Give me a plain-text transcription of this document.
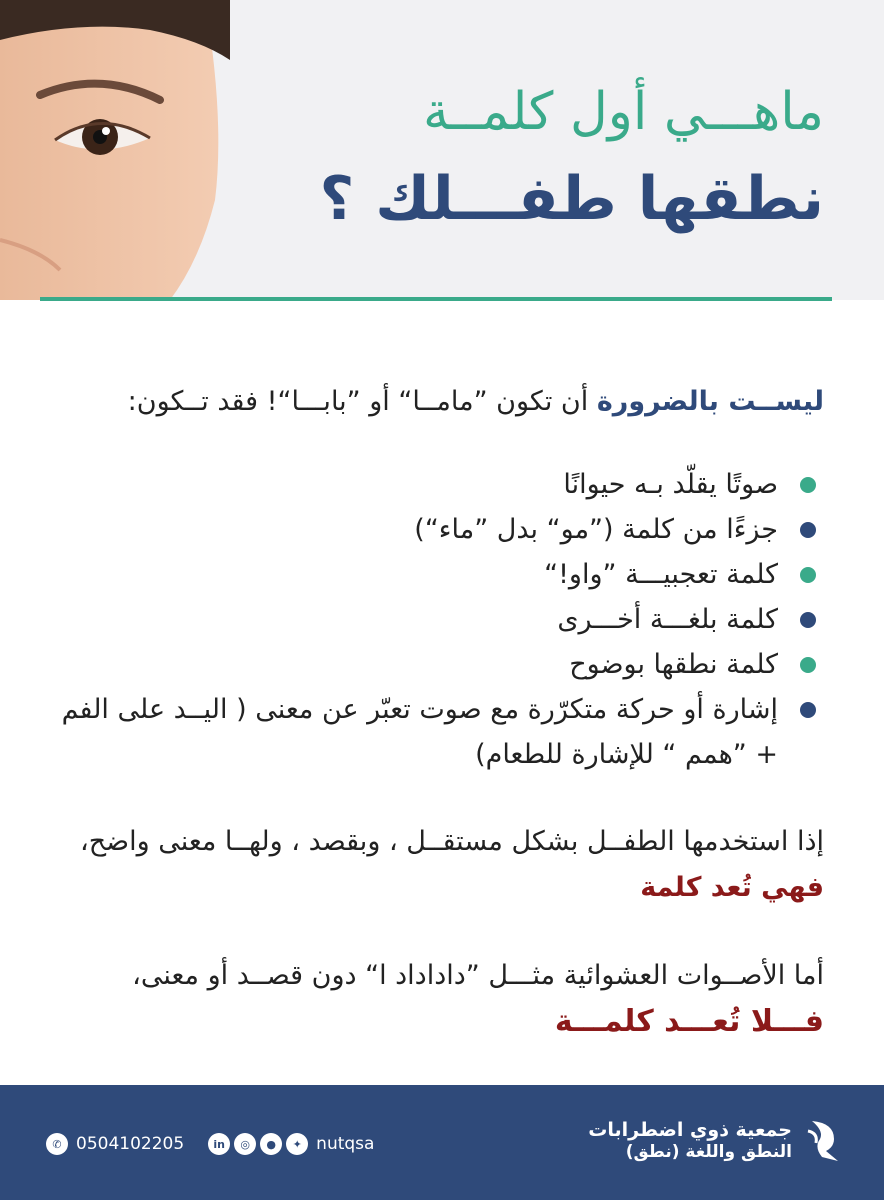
ماهـــي أول كلمــة
نطقها طفـــلك ؟

ليســت بالضرورة أن تكون ”مامــا“ أو ”بابـــا“! فقد تــكون:

صوتًا يقلّد بـه حيوانًا
جزءًا من كلمة (”مو“ بدل ”ماء“)
كلمة تعجبيـــة ”واو!“
كلمة بلغـــة أخـــرى
كلمة نطقها بوضوح
إشارة أو حركة متكرّرة مع صوت تعبّر عن معنى ( اليــد على الفم + ”همم “ للإشارة للطعام)

إذا استخدمها الطفــل بشكل مستقــل ، وبقصد ، ولهــا معنى واضح، فهي تُعد كلمة

أما الأصــوات العشوائية مثـــل ”داداداد ا“ دون قصــد أو معنى،
فـــلا تُعـــد كلمـــة

جمعية ذوي اضطرابات
النطق واللغة (نطق)
✆ 0504102205	in	◎	●	✦ nutqsa
